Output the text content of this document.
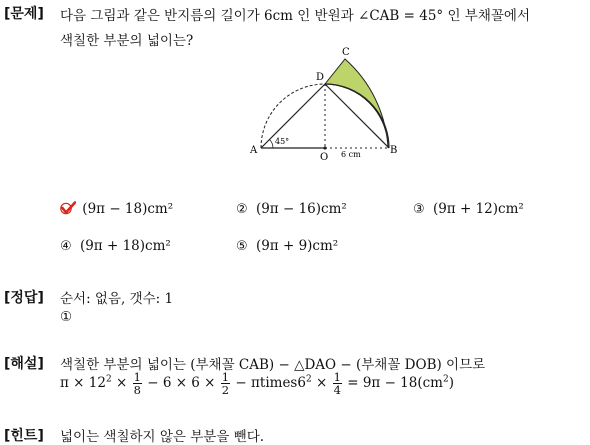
[문제] 다음 그림과 같은 반지름의 길이가 6cm 인 반원과 ∠CAB = 45° 인 부채꼴에서
색칠한 부분의 넓이는?
C
D
A	B
O
45°
6 cm
(9π − 18)cm²	② (9π − 16)cm²	③ (9π + 12)cm²
④ (9π + 18)cm²	⑤ (9π + 9)cm²
[정답] 순서: 없음, 갯수: 1
①
[해설] 색칠한 부분의 넓이는 (부채꼴 CAB) − △DAO − (부채꼴 DOB) 이므로
$\pi \times 12^2 \times \frac{1}{8} - 6 \times 6 \times \frac{1}{2}$ − $\pi times6^2 \times \frac{1}{4} = 9\pi - 18(cm^2)$
[힌트] 넓이는 색칠하지 않은 부분을 뺀다.
